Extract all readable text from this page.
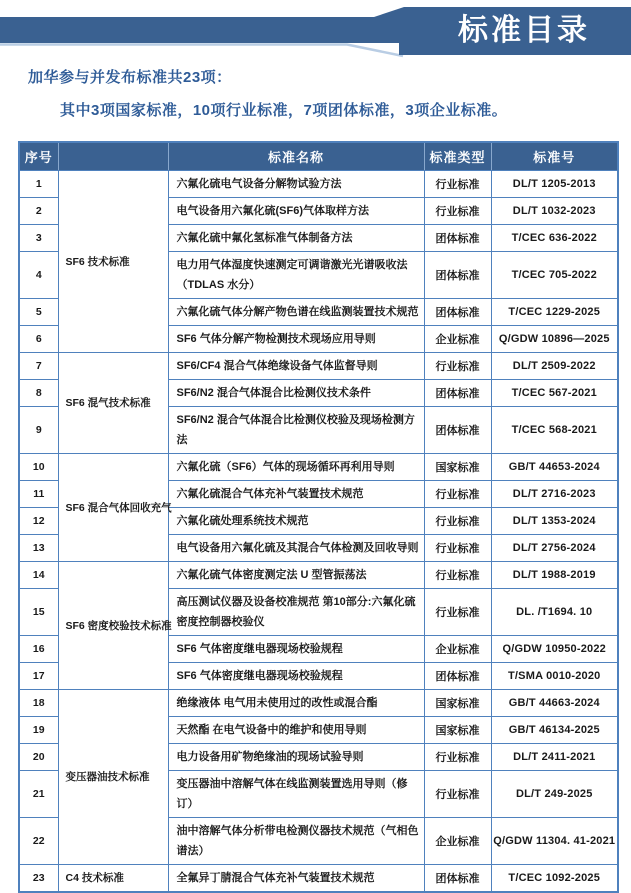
标准目录
加华参与并发布标准共23项：
其中3项国家标准，10项行业标准，7项团体标准，3项企业标准。
序号		标准名称	标准类型	标准号
1	SF6 技术标准	六氟化硫电气设备分解物试验方法	行业标准	DL/T 1205-2013
2		电气设备用六氟化硫(SF6)气体取样方法	行业标准	DL/T 1032-2023
3		六氟化硫中氟化氢标准气体制备方法	团体标准	T/CEC 636-2022
4		电力用气体湿度快速测定可调谐激光光谱吸收法（TDLAS 水分）	团体标准	T/CEC 705-2022
5		六氟化硫气体分解产物色谱在线监测装置技术规范	团体标准	T/CEC 1229-2025
6		SF6 气体分解产物检测技术现场应用导则	企业标准	Q/GDW 10896—2025
7	SF6 混气技术标准	SF6/CF4 混合气体绝缘设备气体监督导则	行业标准	DL/T 2509-2022
8		SF6/N2 混合气体混合比检测仪技术条件	团体标准	T/CEC 567-2021
9		SF6/N2 混合气体混合比检测仪校验及现场检测方法	团体标准	T/CEC 568-2021
10	SF6 混合气体回收充气	六氟化硫（SF6）气体的现场循环再利用导则	国家标准	GB/T 44653-2024
11		六氟化硫混合气体充补气装置技术规范	行业标准	DL/T 2716-2023
12		六氟化硫处理系统技术规范	行业标准	DL/T 1353-2024
13		电气设备用六氟化硫及其混合气体检测及回收导则	行业标准	DL/T 2756-2024
14	SF6 密度校验技术标准	六氟化硫气体密度测定法 U 型管振荡法	行业标准	DL/T 1988-2019
15		高压测试仪器及设备校准规范 第10部分:六氟化硫密度控制器校验仪	行业标准	DL. /T1694. 10
16		SF6 气体密度继电器现场校验规程	企业标准	Q/GDW 10950-2022
17		SF6 气体密度继电器现场校验规程	团体标准	T/SMA 0010-2020
18	变压器油技术标准	绝缘液体 电气用未使用过的改性或混合酯	国家标准	GB/T 44663-2024
19		天然酯 在电气设备中的维护和使用导则	国家标准	GB/T 46134-2025
20		电力设备用矿物绝缘油的现场试验导则	行业标准	DL/T 2411-2021
21		变压器油中溶解气体在线监测装置选用导则（修订）	行业标准	DL/T 249-2025
22		油中溶解气体分析带电检测仪器技术规范（气相色谱法）	企业标准	Q/GDW 11304. 41-2021
23	C4 技术标准	全氟异丁腈混合气体充补气装置技术规范	团体标准	T/CEC 1092-2025
